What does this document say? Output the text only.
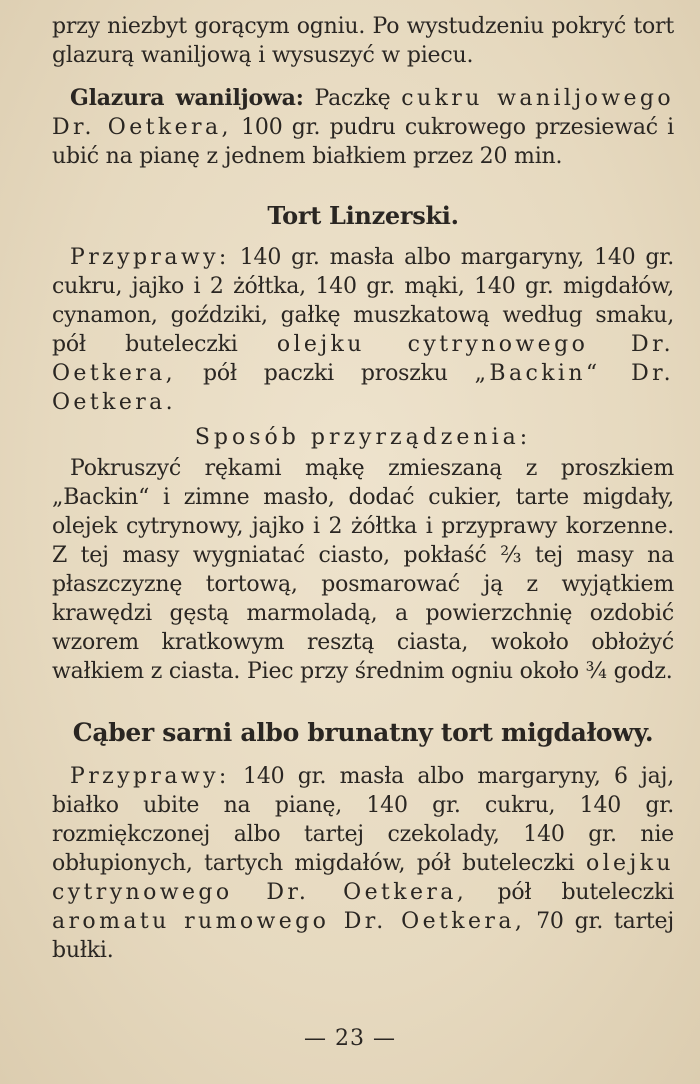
przy niezbyt gorącym ogniu. Po wystudzeniu pokryć tort glazurą waniljową i wysuszyć w piecu.

Glazura waniljowa: Paczkę cukru waniljowego Dr. Oetkera, 100 gr. pudru cukrowego przesiewać i ubić na pianę z jednem białkiem przez 20 min.

Tort Linzerski.

Przyprawy: 140 gr. masła albo margaryny, 140 gr. cukru, jajko i 2 żółtka, 140 gr. mąki, 140 gr. migdałów, cynamon, goździki, gałkę muszkatową według smaku, pół buteleczki olejku cytrynowego Dr. Oetkera, pół paczki proszku „Backin“ Dr. Oetkera.

Sposób przyrządzenia:

Pokruszyć rękami mąkę zmieszaną z proszkiem „Backin“ i zimne masło, dodać cukier, tarte migdały, olejek cytrynowy, jajko i 2 żółtka i przyprawy korzenne. Z tej masy wygniatać ciasto, pokłaść ⅔ tej masy na płaszczyznę tortową, posmarować ją z wyjątkiem krawędzi gęstą marmoladą, a powierzchnię ozdobić wzorem kratkowym resztą ciasta, wokoło obłożyć wałkiem z ciasta. Piec przy średnim ogniu około ¾ godz.

Cąber sarni albo brunatny tort migdałowy.

Przyprawy: 140 gr. masła albo margaryny, 6 jaj, białko ubite na pianę, 140 gr. cukru, 140 gr. rozmiękczonej albo tartej czekolady, 140 gr. nie obłupionych, tartych migdałów, pół buteleczki olejku cytrynowego Dr. Oetkera, pół buteleczki aromatu rumowego Dr. Oetkera, 70 gr. tartej bułki.

— 23 —
